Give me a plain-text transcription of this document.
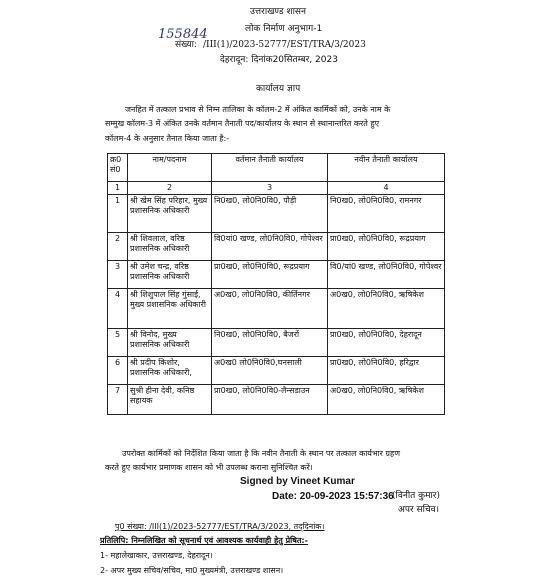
उत्तराखण्ड शासन
लोक निर्माण अनुभाग-1
155844
संख्या: /III(1)/2023-52777/EST/TRA/3/2023
देहरादून: दिनांक20सितम्बर, 2023
कार्यालय ज्ञाप
जनहित में तत्काल प्रभाव से निम्न तालिका के कॉलम-2 में अंकित कार्मिकों को, उनके नाम के
सम्मुख कॉलम-3 में अंकित उनके वर्तमान तैनाती पद/कार्यालय के स्थान से स्थानान्तरित करते हुए
कॉलम-4 के अनुसार तैनात किया जाता है:-
क्र0 सं0	नाम/पदनाम	वर्तमान तैनाती कार्यालय	नवीन तैनाती कार्यालय
1	2	3	4
1	श्री खेम सिंह परिहार, मुख्य प्रशासनिक अधिकारी	नि0ख0, लो0नि0वि0, पौड़ी	नि0ख0, लो0नि0वि0, रामनगर
2	श्री शिवलाल, वरिष्ठ प्रशासनिक अधिकारी	वि0यां0 खण्ड, लो0नि0वि0, गोपेश्वर	प्रा0ख0, लो0नि0वि0, रूद्रप्रयाग
3	श्री उमेश चन्द्र, वरिष्ठ प्रशासनिक अधिकारी	प्रा0ख0, लो0नि0वि0, रूद्रप्रयाग	वि0/यां0 खण्ड, लो0नि0वि0, गोपेश्वर
4	श्री शिशुपाल सिंह गुंसाई, मुख्य प्रशासनिक अधिकारी	अ0ख0, लो0नि0वि0, कीर्तिनगर	अ0ख0, लो0नि0वि0, ऋषिकेश
5	श्री विनोद, मुख्य प्रशासनिक अधिकारी	नि0ख0, लो0नि0वि0, बैजरों	प्रा0ख0, लो0नि0वि0, देहरादून
6	श्री प्रदीप किशोर, प्रशासनिक अधिकारी,	अ0ख0 लो0नि0वि0,घनसाली	प्रा0ख0, लो0नि0वि0, हरिद्वार
7	सुश्री हीना देवी, कनिष्ठ सहायक	प्रा0ख0, लो0नि0वि0-लैन्सडाउन	अ0ख0, लो0नि0वि0, ऋषिकेश
उपरोक्त कार्मिकों को निर्देशित किया जाता है कि नवीन तैनाती के स्थान पर तत्काल कार्यभार ग्रहण
करते हुए कार्यभार प्रमाणक शासन को भी उपलब्ध कराना सुनिश्चित करें।
Signed by Vineet Kumar
Date: 20-09-2023 15:57:36
(विनीत कुमार)
अपर सचिव।
पृ0 संख्या: /III(1)/2023-52777/EST/TRA/3/2023, तद्‌दिनांक।
प्रतिलिपि: निम्नलिखित को सूचनार्थ एवं आवश्यक कार्यवाही हेतु प्रेषित:-
1- महालेखाकार, उत्तराखण्ड, देहरादून।
2- अपर मुख्य सचिव/सचिव, मा0 मुख्यमंत्री, उत्तराखण्ड शासन।
